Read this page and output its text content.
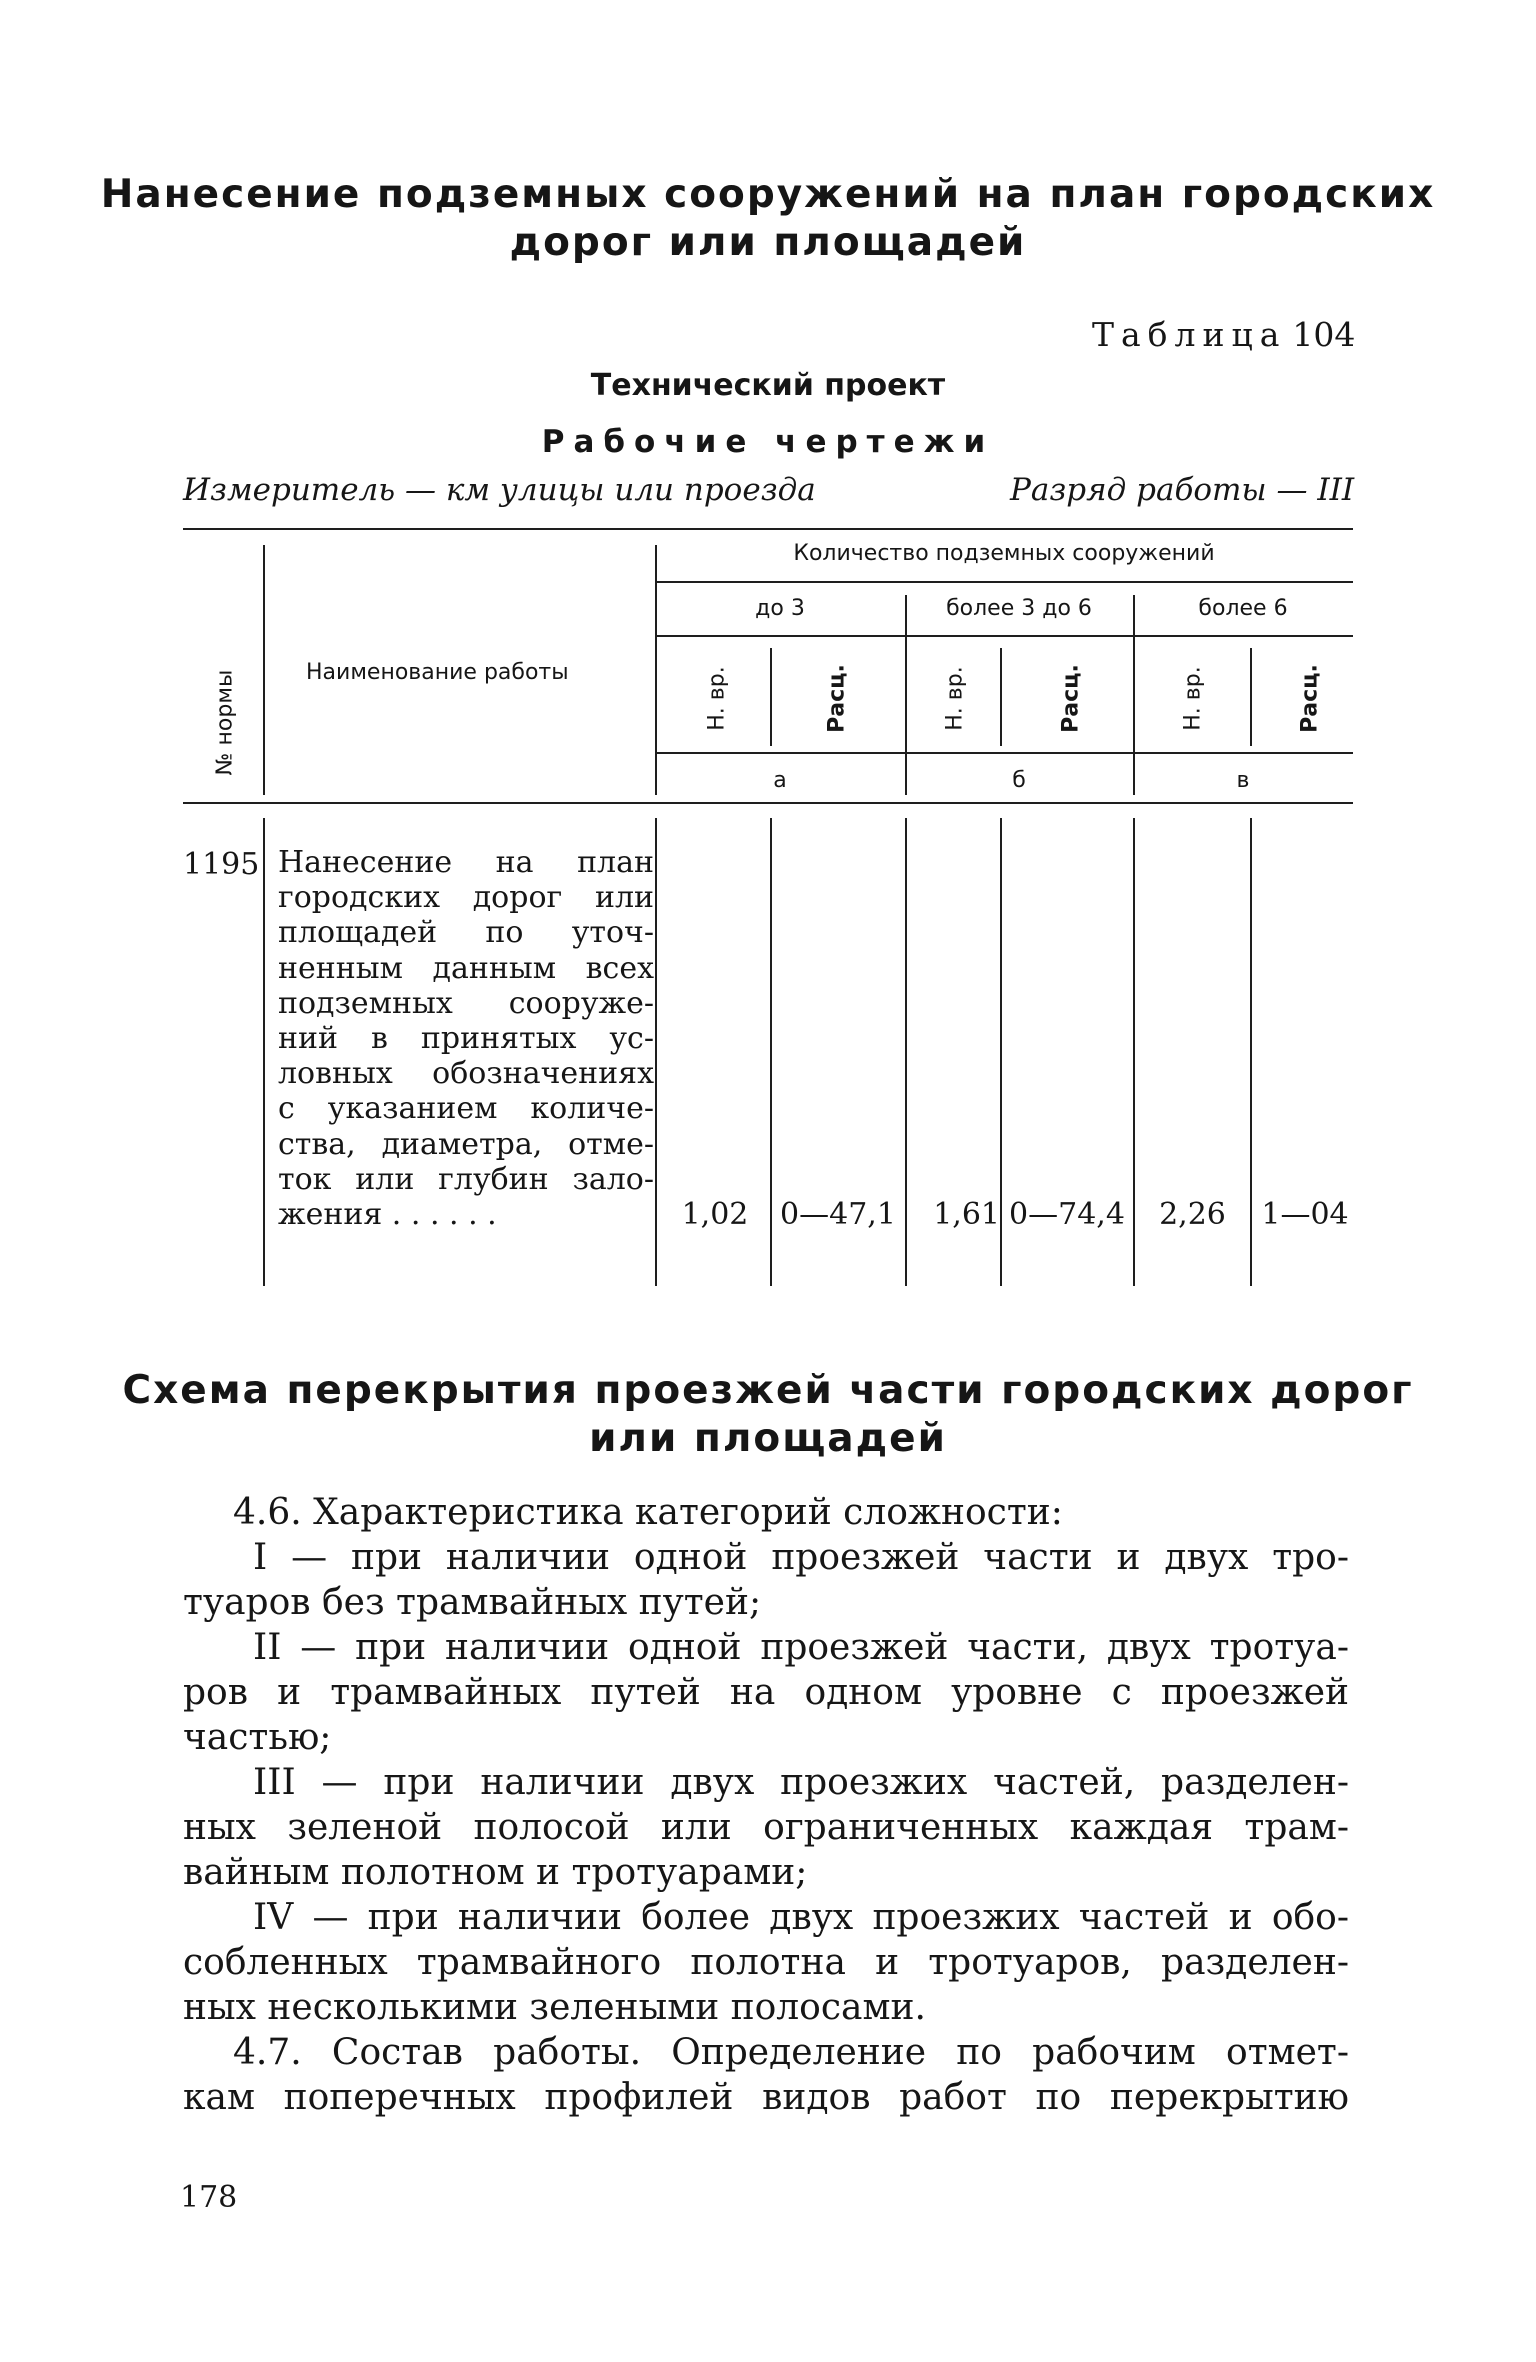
Нанесение подземных сооружений на план городских
дорог или площадей
Таблица 104
Технический проект
Рабочие чертежи
Измеритель — км улицы или проезда	Разряд работы — III
№ нормы	Наименование работы
Количество подземных сооружений
до 3	более 3 до 6	более 6
Н. вр.	Расц.	Н. вр.	Расц.	Н. вр.	Расц.
а	б	в
1195 Нанесение на план
городских дорог или
площадей по уточ-
ненным данным всех
подземных сооруже-
ний в принятых ус-
ловных обозначениях
с указанием количе-
ства, диаметра, отме-
ток или глубин зало-
жения . . . . . .	1,02	0—47,1	1,61 0—74,4	2,26	1—04
Схема перекрытия проезжей части городских дорог
или площадей
4.6. Характеристика категорий сложности:
I — при наличии одной проезжей части и двух тро-
туаров без трамвайных путей;
II — при наличии одной проезжей части, двух тротуа-
ров и трамвайных путей на одном уровне с проезжей
частью;
III — при наличии двух проезжих частей, разделен-
ных зеленой полосой или ограниченных каждая трам-
вайным полотном и тротуарами;
IV — при наличии более двух проезжих частей и обо-
собленных трамвайного полотна и тротуаров, разделен-
ных несколькими зелеными полосами.
4.7. Состав работы. Определение по рабочим отмет-
кам поперечных профилей видов работ по перекрытию
178
